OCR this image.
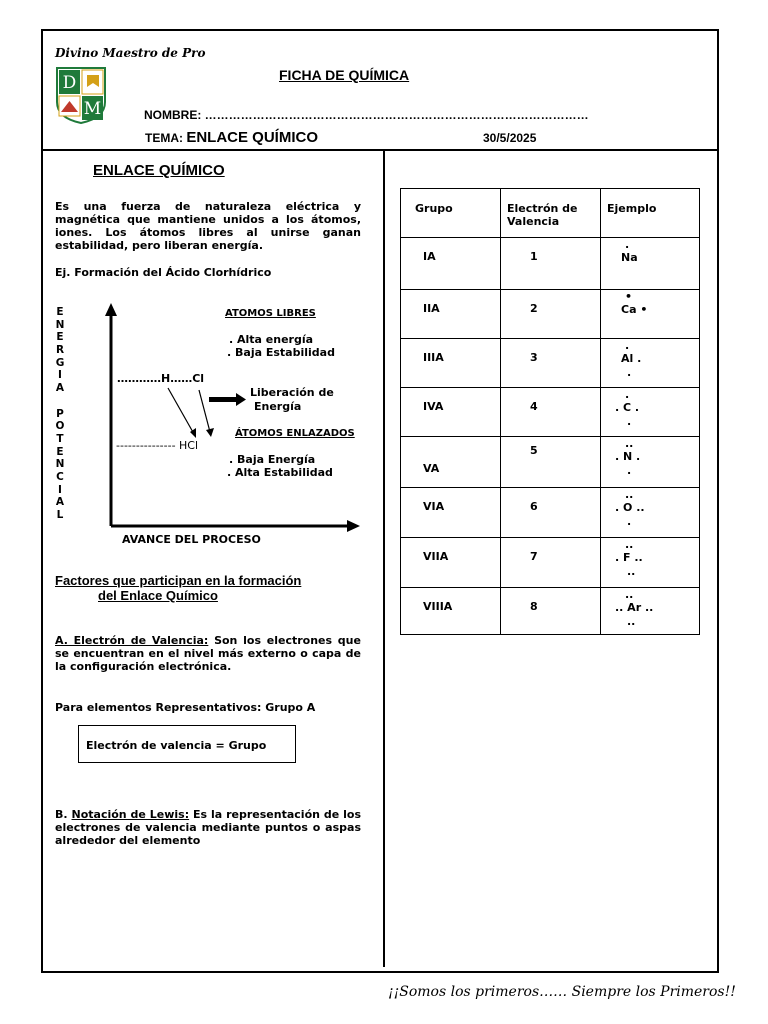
Divino Maestro de Pro
D
M
FICHA DE QUÍMICA
NOMBRE: ……………………………………………………………………………………
TEMA: ENLACE QUÍMICO	30/5/2025
ENLACE QUÍMICO
Es una fuerza de naturaleza eléctrica y magnética que mantiene unidos a los átomos, iones. Los átomos libres al unirse ganan estabilidad, pero liberan energía.
Ej. Formación del Ácido Clorhídrico
E
N
E
R
G
I
A
P
O
T
E
N
C
I
A
L
ATOMOS LIBRES
. Alta energía
. Baja Estabilidad
…………H……Cl
Liberación de
Energía
ÁTOMOS ENLAZADOS
--------------- HCl
. Baja Energía
. Alta Estabilidad
AVANCE DEL PROCESO
Factores que participan en la formación
del Enlace Químico
A. Electrón de Valencia: Son los electrones que se encuentran en el nivel más externo o capa de la configuración electrónica.
Para elementos Representativos: Grupo A
Electrón de valencia = Grupo
B. Notación de Lewis: Es la representación de los electrones de valencia mediante puntos o aspas alrededor del elemento
Grupo	Electrón de
Valencia	Ejemplo

IA	1	.
Na

IIA	2	•
Ca •

IIIA	3	.
Al .
.

IVA	4	.
. C .
.

VA	5	..
. N .
.

VIA	6	..
. O ..
.

VIIA	7	..
. F ..
..

VIIIA	8	..
.. Ar ..
..
¡¡Somos los primeros…… Siempre los Primeros!!
